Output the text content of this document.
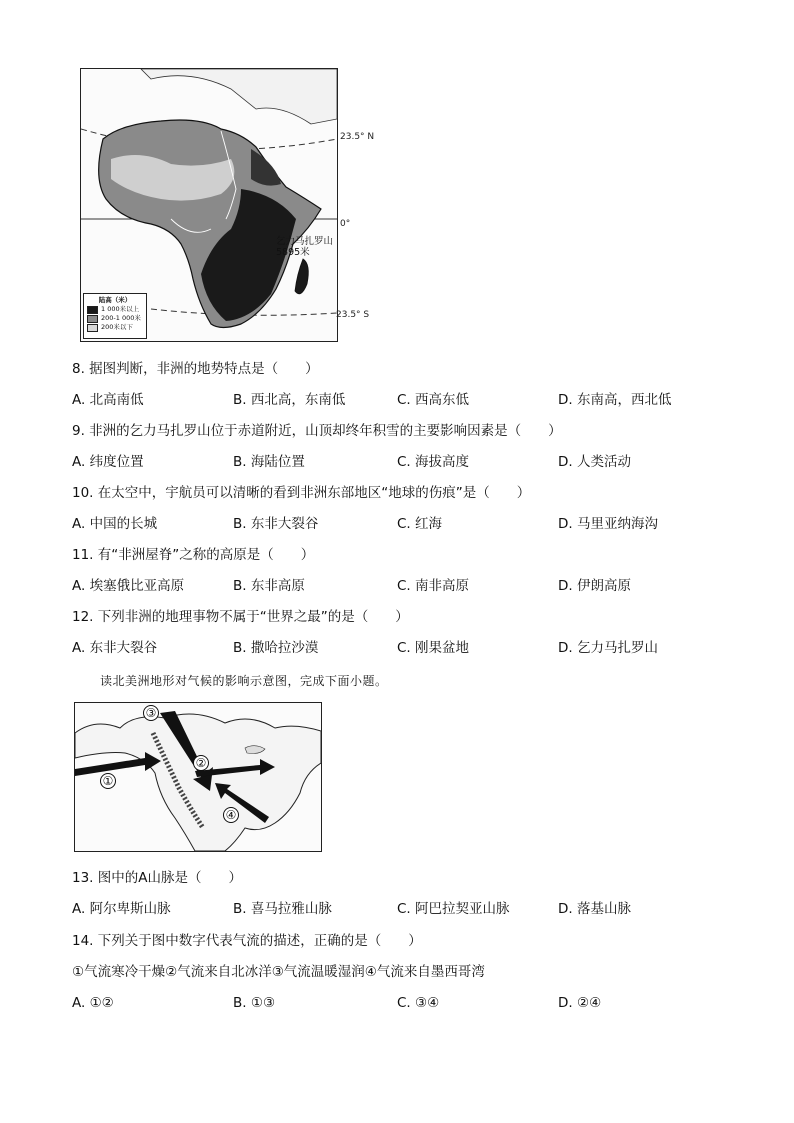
陆高（米）
1 000米以上
200-1 000米
200米以下
23.5° N
0°
23.5° S
乞力马扎罗山
5895米
8. 据图判断，非洲的地势特点是（　　）
A. 北高南低	B. 西北高，东南低	C. 西高东低	D. 东南高，西北低
9. 非洲的乞力马扎罗山位于赤道附近，山顶却终年积雪的主要影响因素是（　　）
A. 纬度位置	B. 海陆位置	C. 海拔高度	D. 人类活动
10. 在太空中，宇航员可以清晰的看到非洲东部地区“地球的伤痕”是（　　）
A. 中国的长城	B. 东非大裂谷	C. 红海	D. 马里亚纳海沟
11. 有“非洲屋脊”之称的高原是（　　）
A. 埃塞俄比亚高原	B. 东非高原	C. 南非高原	D. 伊朗高原
12. 下列非洲的地理事物不属于“世界之最”的是（　　）
A. 东非大裂谷	B. 撒哈拉沙漠	C. 刚果盆地	D. 乞力马扎罗山
读北美洲地形对气候的影响示意图，完成下面小题。
①
②
③
④
13. 图中的A山脉是（　　）
A. 阿尔卑斯山脉	B. 喜马拉雅山脉	C. 阿巴拉契亚山脉	D. 落基山脉
14. 下列关于图中数字代表气流的描述，正确的是（　　）
①气流寒冷干燥②气流来自北冰洋③气流温暖湿润④气流来自墨西哥湾
A. ①②	B. ①③	C. ③④	D. ②④
